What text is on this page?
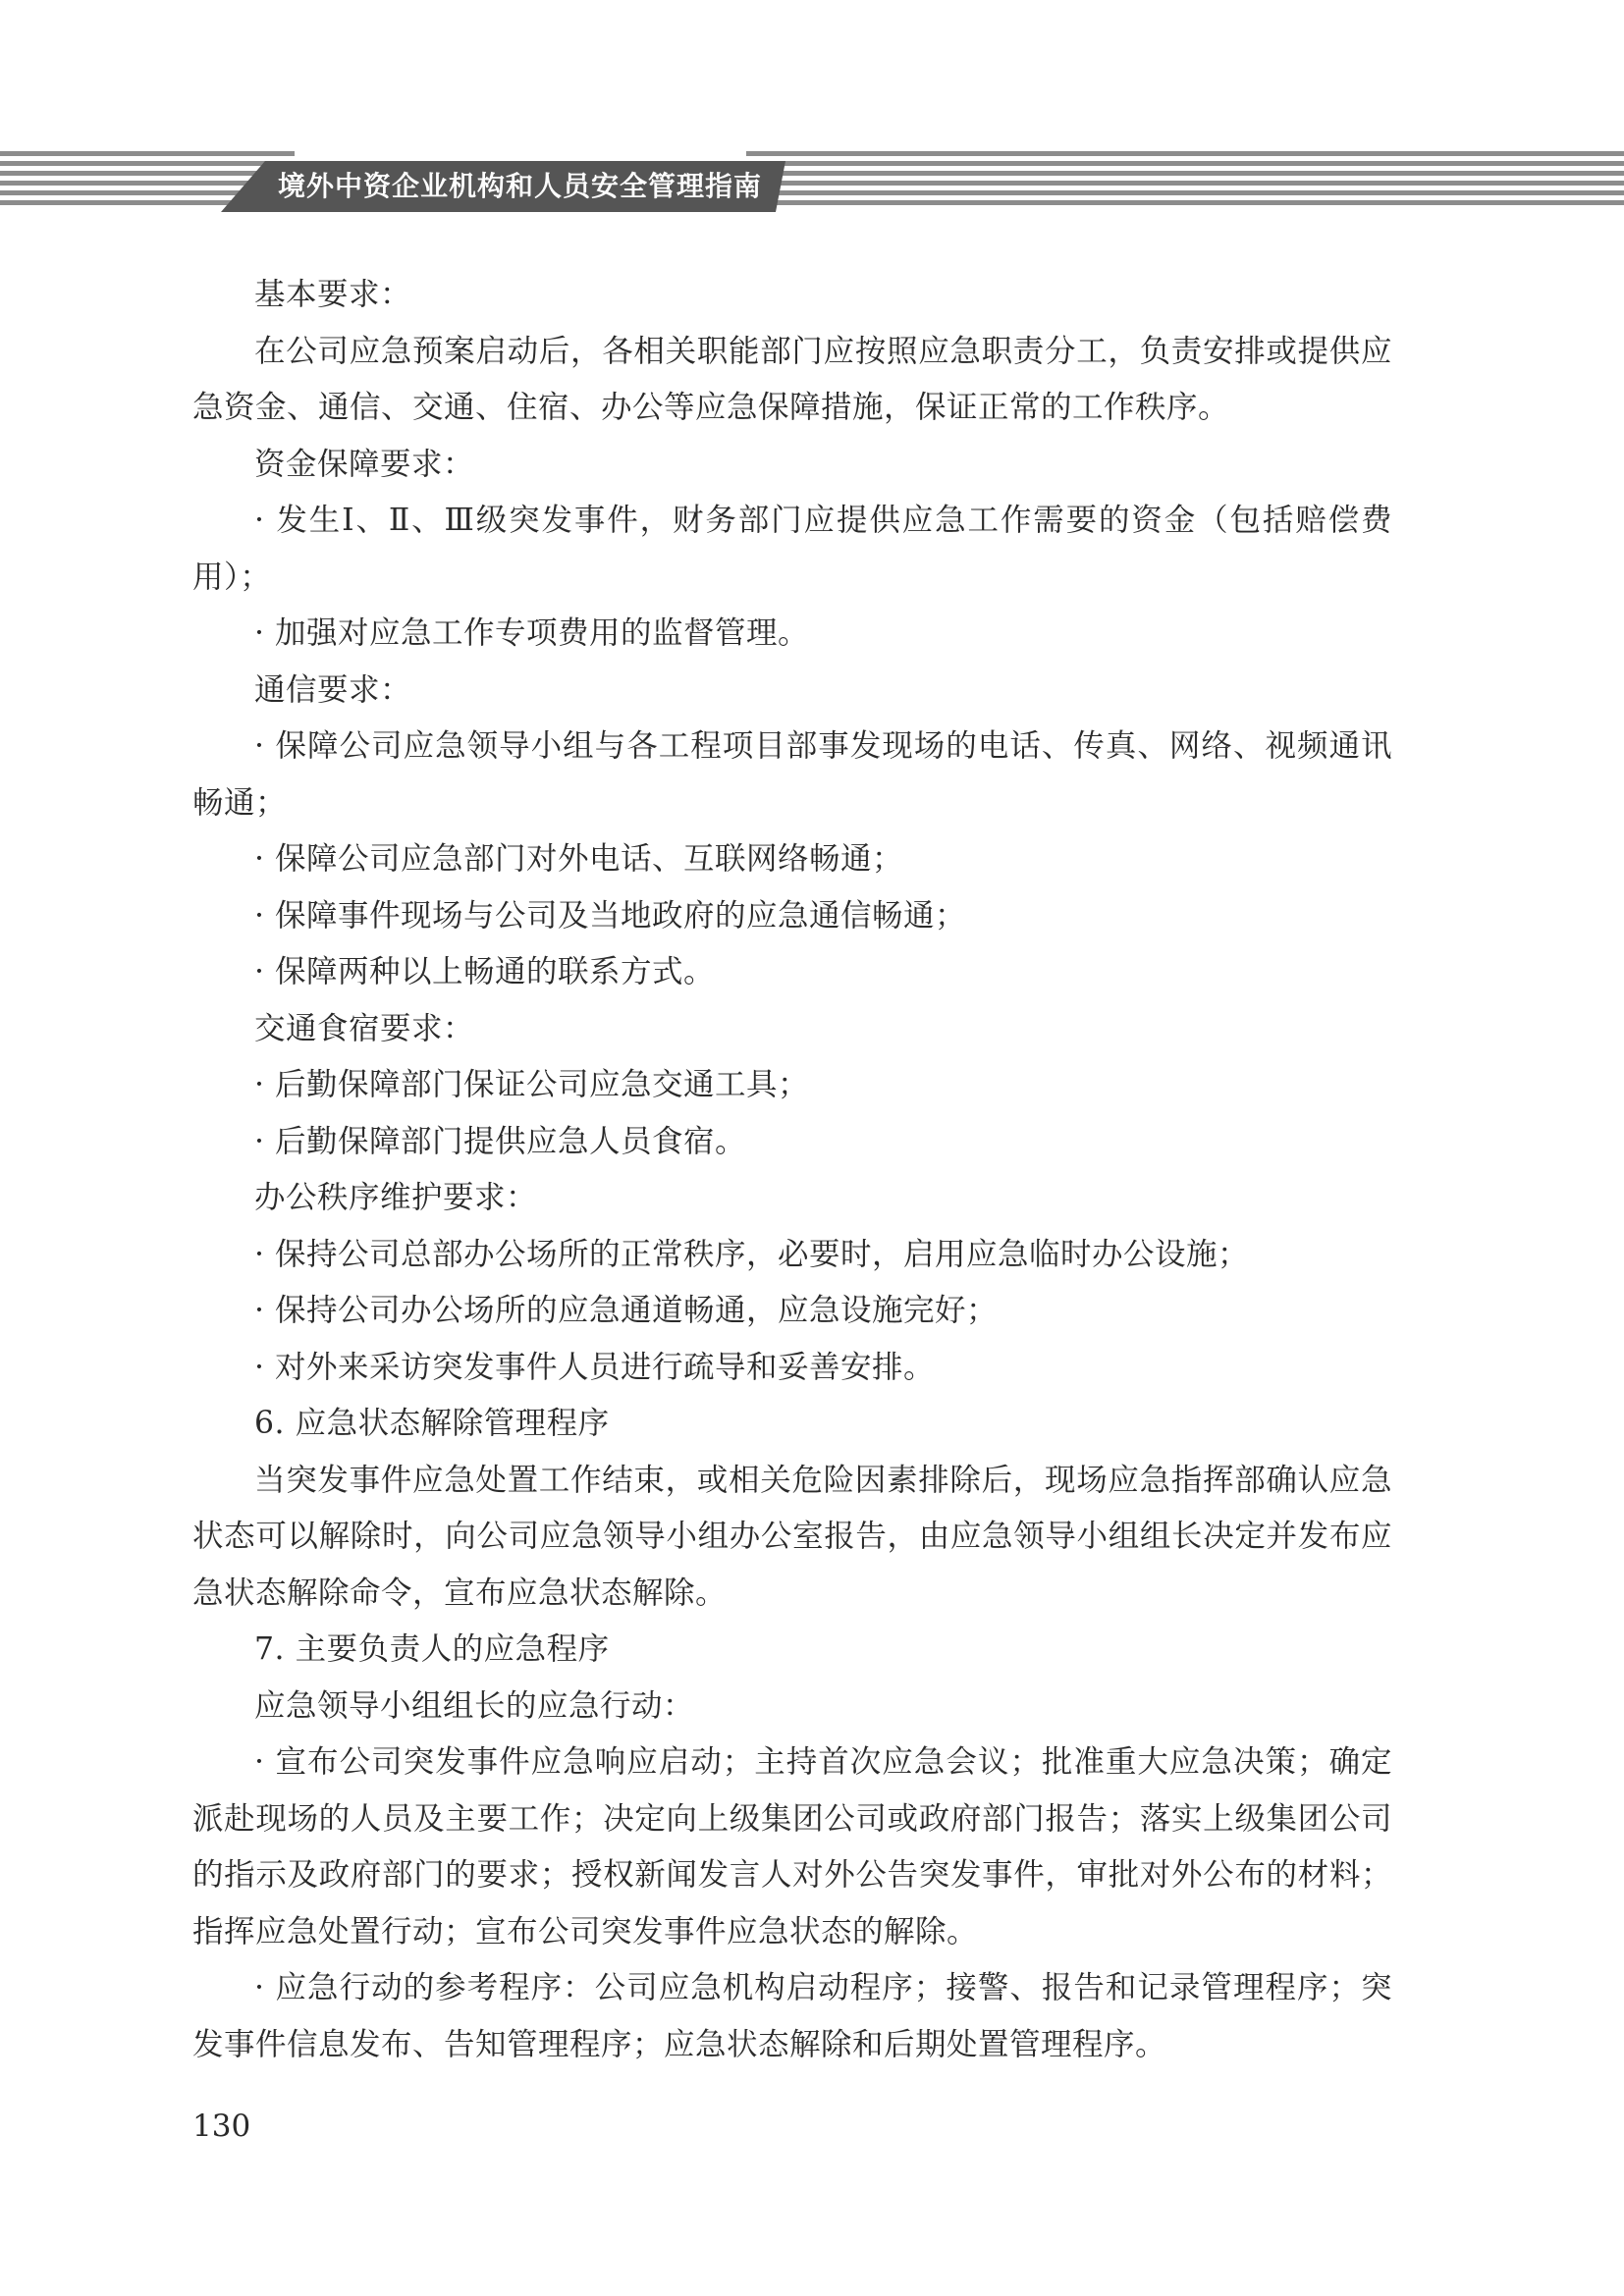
境外中资企业机构和人员安全管理指南

基本要求：

在公司应急预案启动后，各相关职能部门应按照应急职责分工，负责安排或提供应急资金、通信、交通、住宿、办公等应急保障措施，保证正常的工作秩序。

资金保障要求：

· 发生Ⅰ、Ⅱ、Ⅲ级突发事件，财务部门应提供应急工作需要的资金（包括赔偿费用）；

· 加强对应急工作专项费用的监督管理。

通信要求：

· 保障公司应急领导小组与各工程项目部事发现场的电话、传真、网络、视频通讯畅通；

· 保障公司应急部门对外电话、互联网络畅通；

· 保障事件现场与公司及当地政府的应急通信畅通；

· 保障两种以上畅通的联系方式。

交通食宿要求：

· 后勤保障部门保证公司应急交通工具；

· 后勤保障部门提供应急人员食宿。

办公秩序维护要求：

· 保持公司总部办公场所的正常秩序，必要时，启用应急临时办公设施；

· 保持公司办公场所的应急通道畅通，应急设施完好；

· 对外来采访突发事件人员进行疏导和妥善安排。

6. 应急状态解除管理程序

当突发事件应急处置工作结束，或相关危险因素排除后，现场应急指挥部确认应急状态可以解除时，向公司应急领导小组办公室报告，由应急领导小组组长决定并发布应急状态解除命令，宣布应急状态解除。

7. 主要负责人的应急程序

应急领导小组组长的应急行动：

· 宣布公司突发事件应急响应启动；主持首次应急会议；批准重大应急决策；确定派赴现场的人员及主要工作；决定向上级集团公司或政府部门报告；落实上级集团公司的指示及政府部门的要求；授权新闻发言人对外公告突发事件，审批对外公布的材料；指挥应急处置行动；宣布公司突发事件应急状态的解除。

· 应急行动的参考程序：公司应急机构启动程序；接警、报告和记录管理程序；突发事件信息发布、告知管理程序；应急状态解除和后期处置管理程序。

130
